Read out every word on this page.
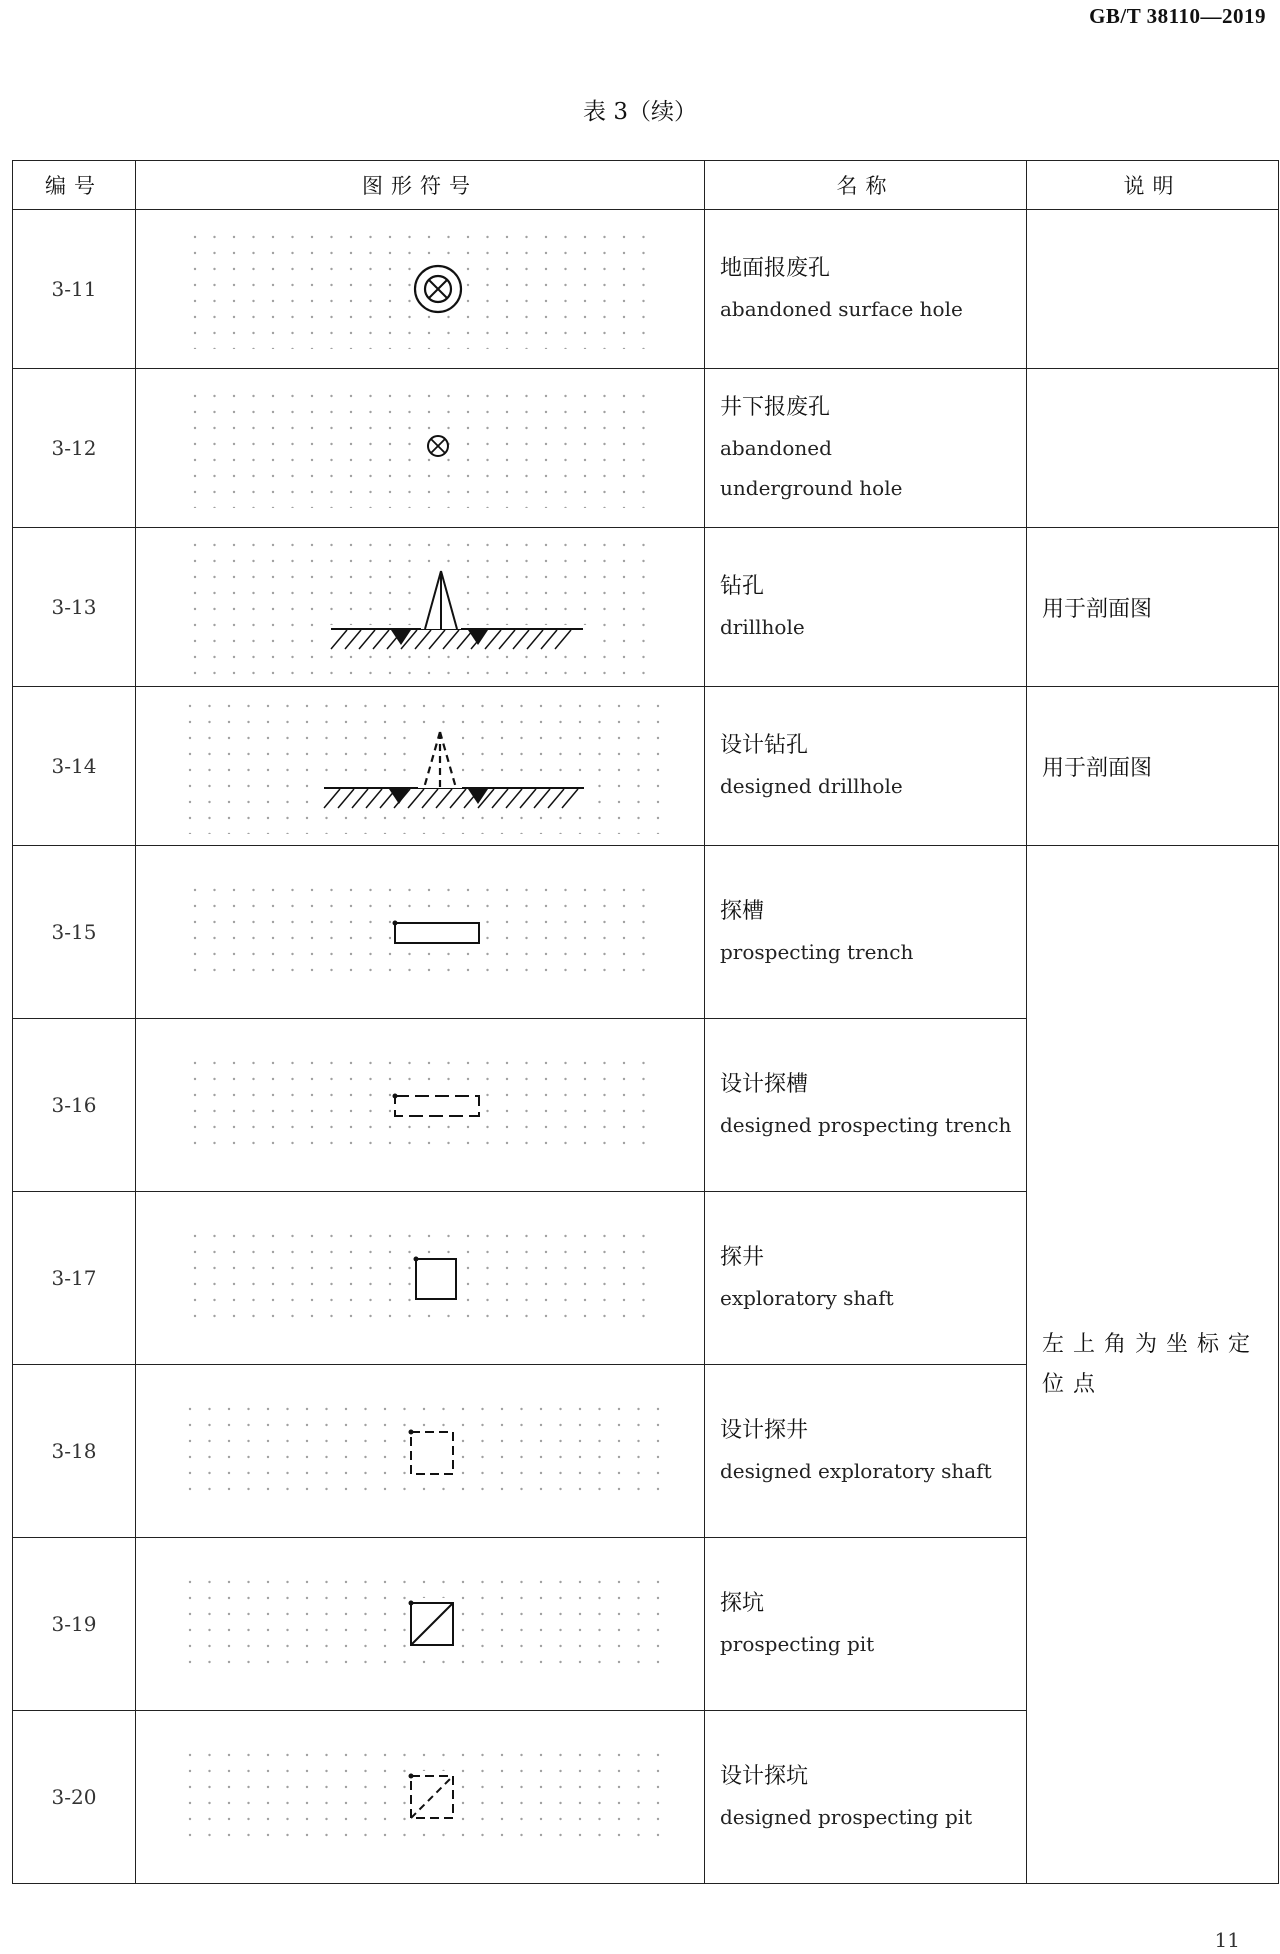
GB/T 38110—2019
表 3（续）
编号	图形符号	名称	说明
3-11		地面报废孔
abandoned surface hole	

3-12		井下报废孔
abandoned
underground hole	

3-13		钻孔
drillhole	用于剖面图
3-14		设计钻孔
designed drillhole	用于剖面图
3-15		探槽
prospecting trench	左上角为坐标定
位点

3-16		设计探槽
designed prospecting trench	

3-17		探井
exploratory shaft	

3-18		设计探井
designed exploratory shaft	

3-19		探坑
prospecting pit	

3-20		设计探坑
designed prospecting pit	
11
